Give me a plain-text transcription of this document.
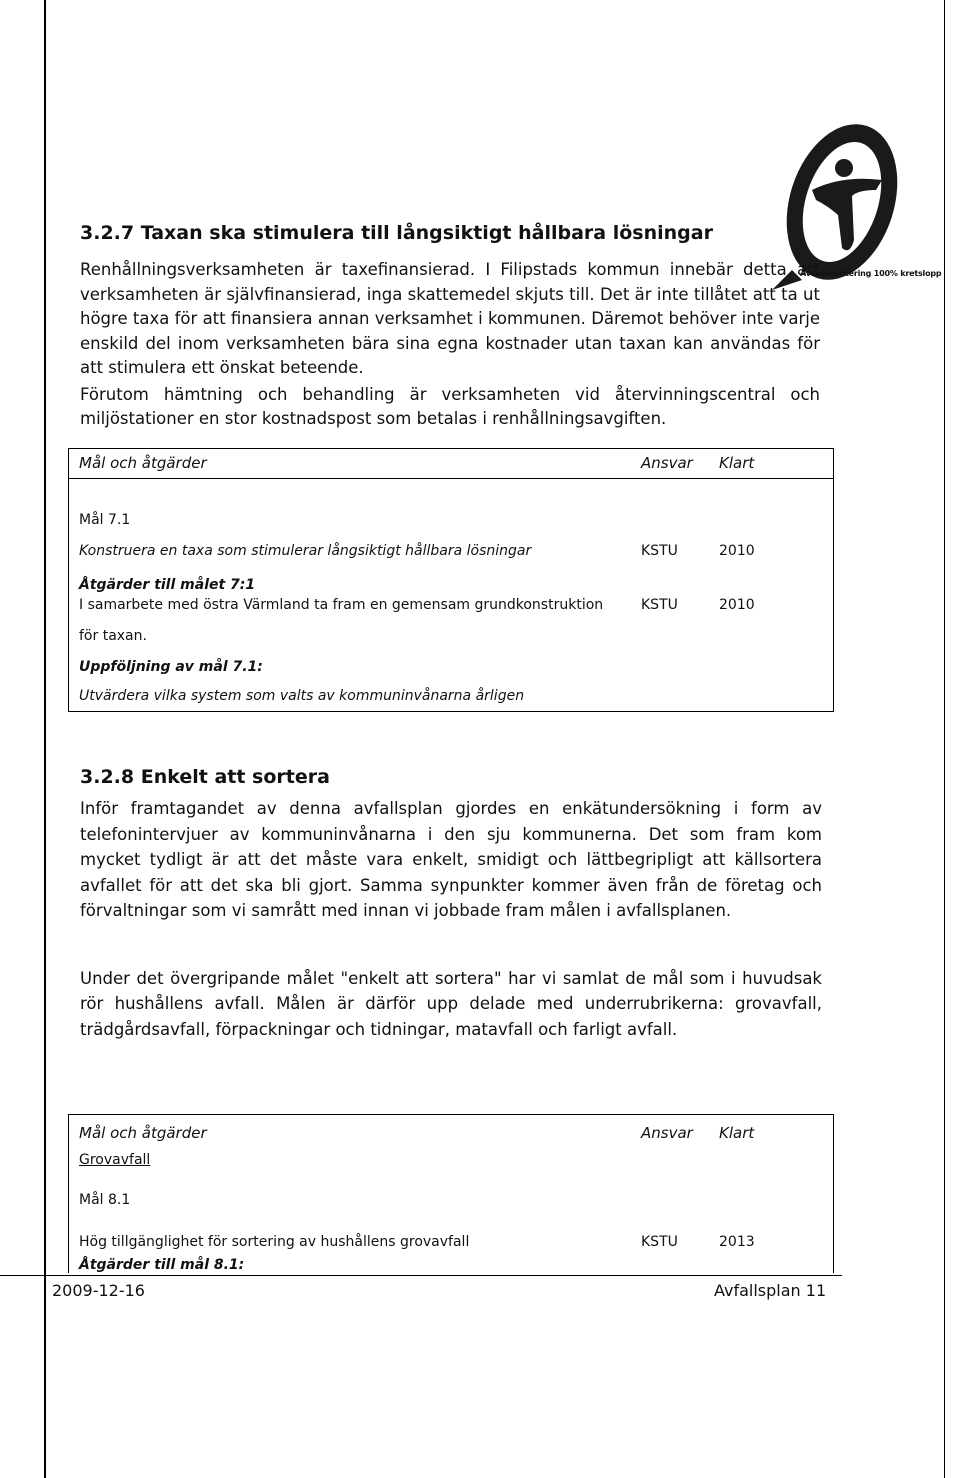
Avfallshantering 100% kretslopp
3.2.7 Taxan ska stimulera till långsiktigt hållbara lösningar

Renhållningsverksamheten är taxefinansierad. I Filipstads kommun innebär detta att verksamheten är självfinansierad, inga skattemedel skjuts till. Det är inte tillåtet att ta ut högre taxa för att finansiera annan verksamhet i kommunen. Däremot behöver inte varje enskild del inom verksamheten bära sina egna kostnader utan taxan kan användas för att stimulera ett önskat beteende.

Förutom hämtning och behandling är verksamheten vid återvinningscentral och miljöstationer en stor kostnadspost som betalas i renhållningsavgiften.

Mål och åtgärder	Ansvar Klart
Mål 7.1
Konstruera en taxa som stimulerar långsiktigt hållbara lösningar	KSTU	2010
Åtgärder till målet 7:1
I samarbete med östra Värmland ta fram en gemensam grundkonstruktion	KSTU	2010
för taxan.
Uppföljning av mål 7.1:
Utvärdera vilka system som valts av kommuninvånarna årligen
3.2.8 Enkelt att sortera

Inför framtagandet av denna avfallsplan gjordes en enkätundersökning i form av telefonintervjuer av kommuninvånarna i den sju kommunerna. Det som fram kom mycket tydligt är att det måste vara enkelt, smidigt och lättbegripligt att källsortera avfallet för att det ska bli gjort. Samma synpunkter kommer även från de företag och förvaltningar som vi samrått med innan vi jobbade fram målen i avfallsplanen.

Under det övergripande målet "enkelt att sortera" har vi samlat de mål som i huvudsak rör hushållens avfall. Målen är därför upp delade med underrubrikerna: grovavfall, trädgårdsavfall, förpackningar och tidningar, matavfall och farligt avfall.

Mål och åtgärder	Ansvar Klart
Grovavfall
Mål 8.1
Hög tillgänglighet för sortering av hushållens grovavfall	KSTU	2013
Åtgärder till mål 8.1:
2009-12-16	Avfallsplan 11
